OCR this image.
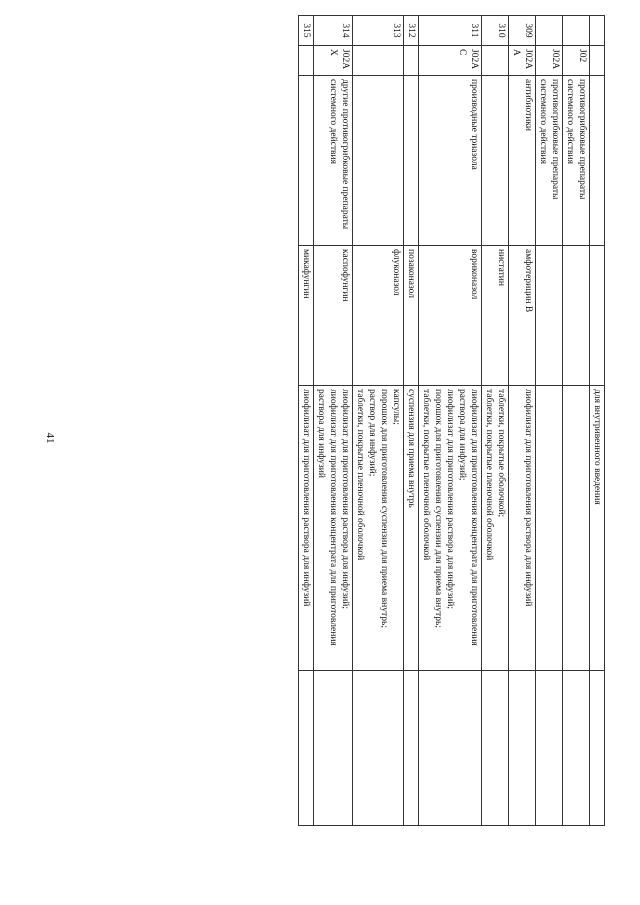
41

				для внутривенного введения	

	J02	противогрибковые препараты системного действия			
	J02A	противогрибковые препараты системного действия			
309	J02AA	антибиотики	амфотерицин В	лиофилизат для приготовления раствора для инфузий	

310			нистатин	таблетки, покрытые оболочкой;
таблетки, покрытые пленочной оболочкой	

311	J02AC	производные триазола	вориконазол	лиофилизат для приготовления концентрата для приготовления раствора для инфузий;
лиофилизат для приготовления раствора для инфузий;
порошок для приготовления суспензии для приема внутрь;
таблетки, покрытые пленочной оболочкой	

312			позаконазол	суспензия для приема внутрь	

313			флуконазол	капсулы;
порошок для приготовления суспензии для приема внутрь;
раствор для инфузий;
таблетки, покрытые пленочной оболочкой	

314	J02AX	другие противогрибковые препараты системного действия	каспофунгин	лиофилизат для приготовления раствора для инфузий;
лиофилизат для приготовления концентрата для приготовления раствора для инфузий	

315			микафунгин	лиофилизат для приготовления раствора для инфузий	
